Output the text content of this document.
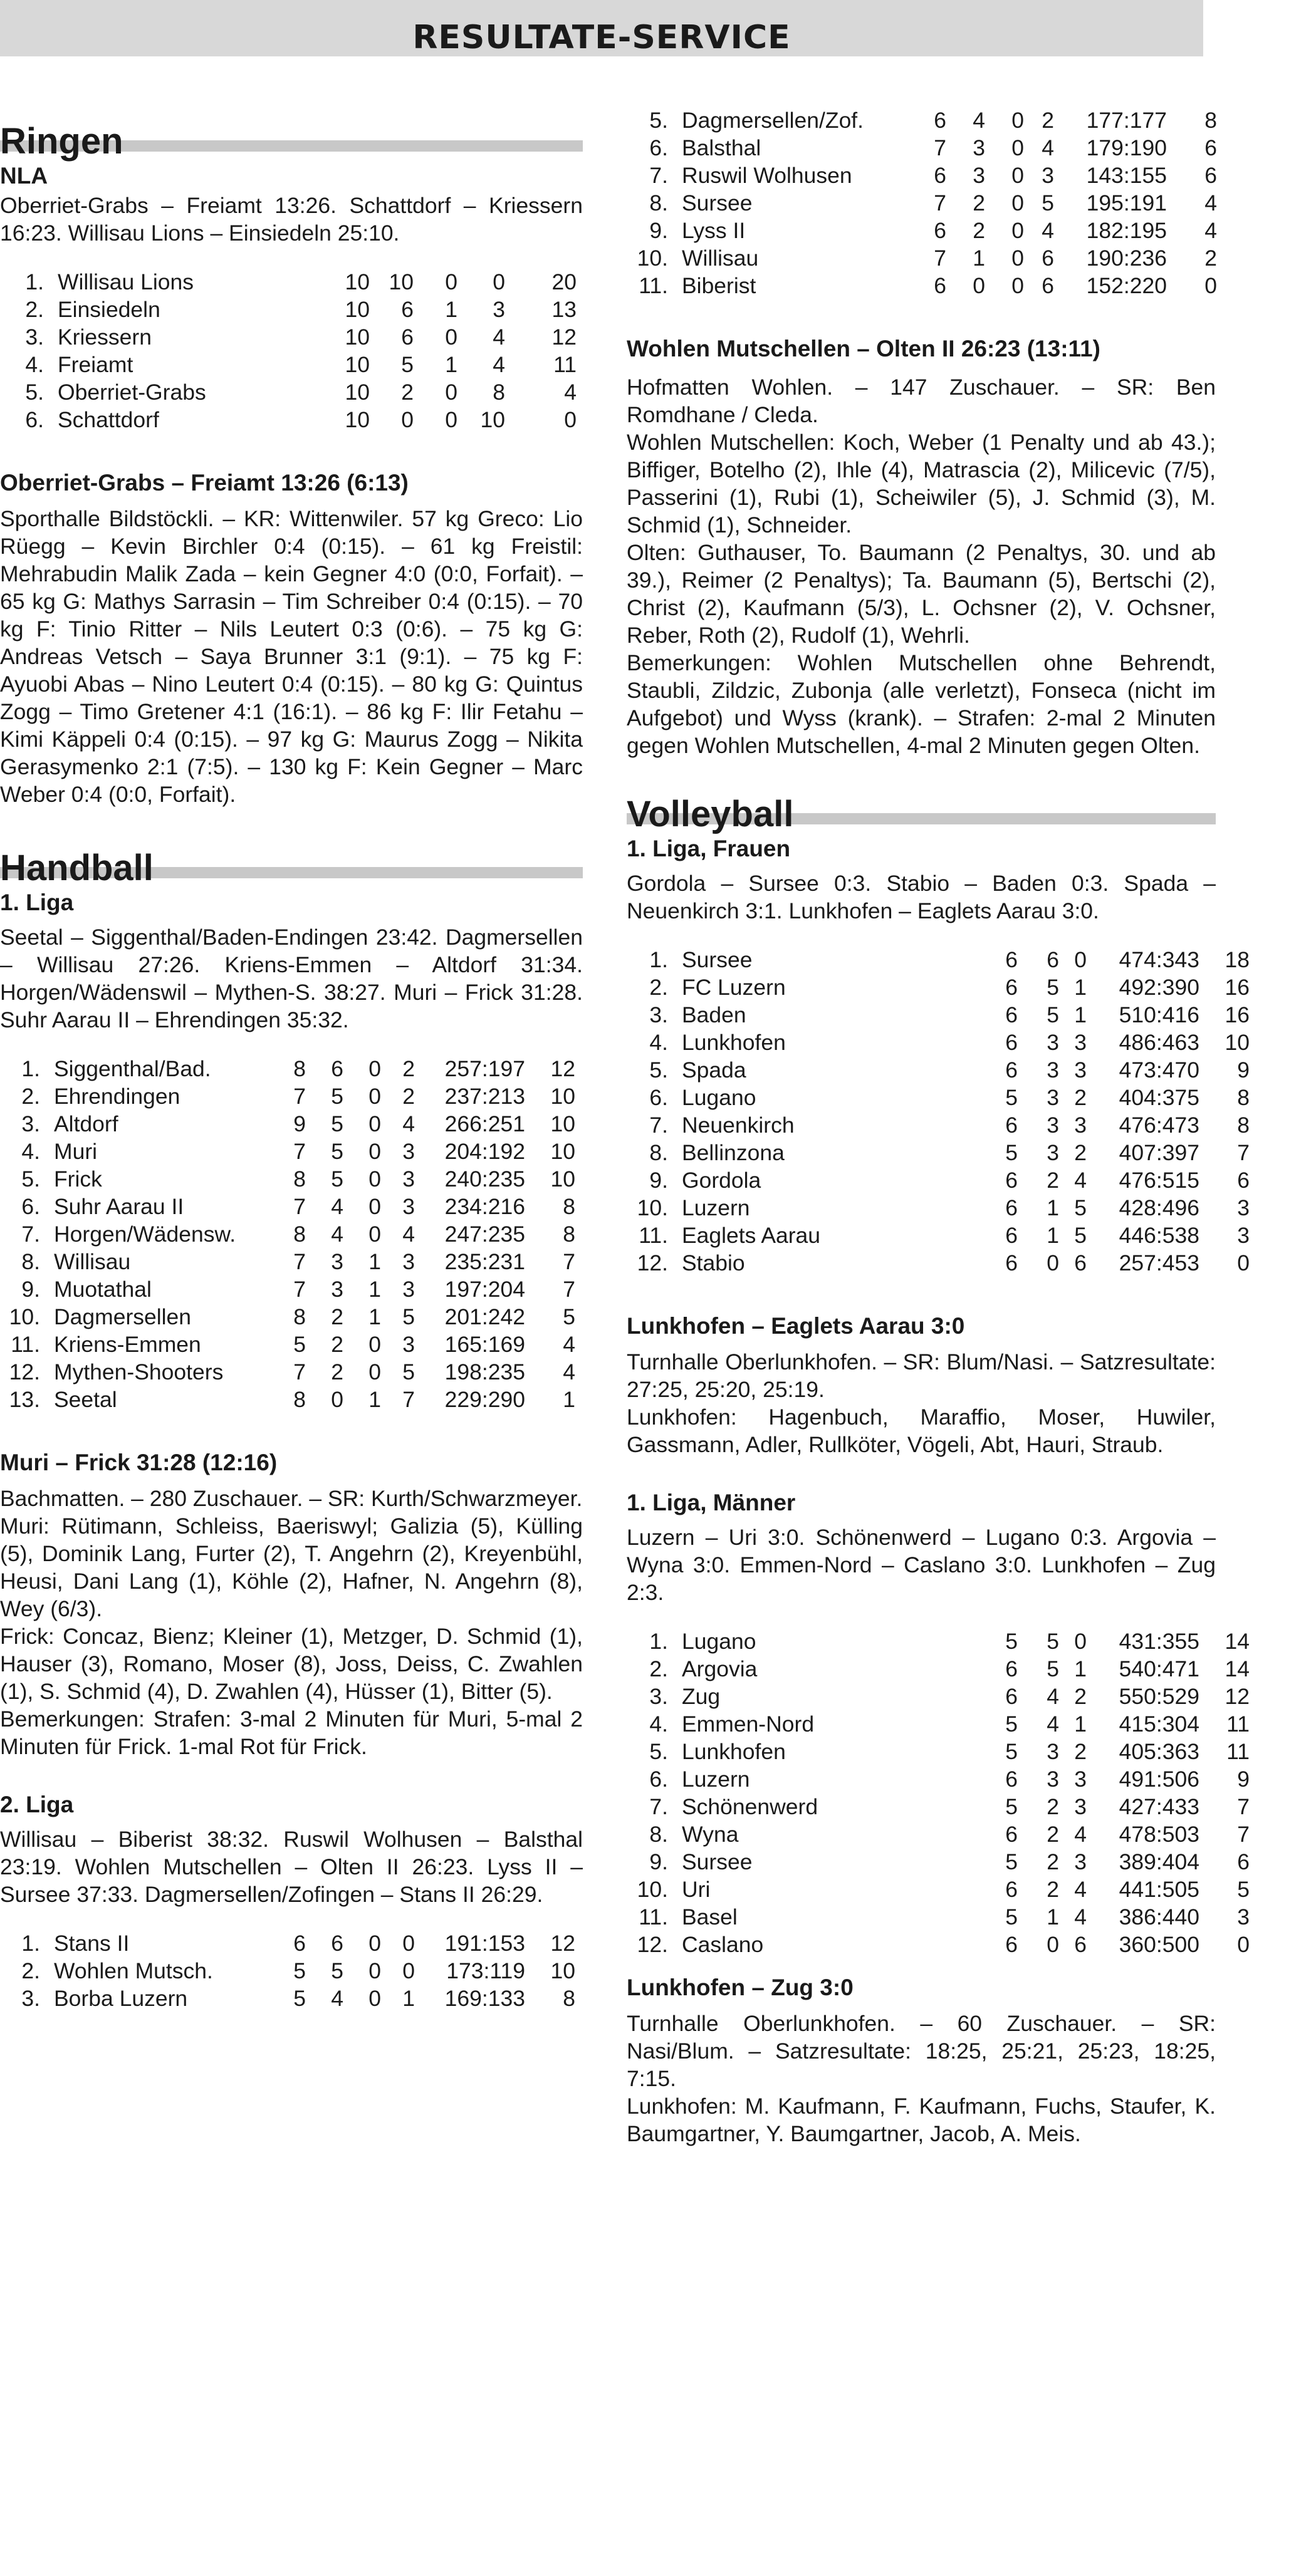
RESULTATE-SERVICE
Ringen

NLA

Oberriet-Grabs – Freiamt 13:26. Schattdorf – Kriessern 16:23. Willisau Lions – Einsiedeln 25:10.

1.	Willisau Lions	10	10	0	0	20
2.	Einsiedeln	10	6	1	3	13
3.	Kriessern	10	6	0	4	12
4.	Freiamt	10	5	1	4	11
5.	Oberriet-Grabs	10	2	0	8	4
6.	Schattdorf	10	0	0	10	0

Oberriet-Grabs – Freiamt 13:26 (6:13)

Sporthalle Bildstöckli. – KR: Wittenwiler. 57 kg Greco: Lio Rüegg – Kevin Birchler 0:4 (0:15). – 61 kg Freistil: Mehrabudin Malik Zada – kein Gegner 4:0 (0:0, Forfait). – 65 kg G: Mathys Sarrasin – Tim Schreiber 0:4 (0:15). – 70 kg F: Tinio Ritter – Nils Leutert 0:3 (0:6). – 75 kg G: Andreas Vetsch – Saya Brunner 3:1 (9:1). – 75 kg F: Ayuobi Abas – Nino Leutert 0:4 (0:15). – 80 kg G: Quintus Zogg – Timo Gretener 4:1 (16:1). – 86 kg F: Ilir Fetahu – Kimi Käppeli 0:4 (0:15). – 97 kg G: Maurus Zogg – Nikita Gerasymenko 2:1 (7:5). – 130 kg F: Kein Gegner – Marc Weber 0:4 (0:0, Forfait).

Handball

1. Liga

Seetal – Siggenthal/Baden-Endingen 23:42. Dagmersellen – Willisau 27:26. Kriens-Emmen – Altdorf 31:34. Horgen/Wädenswil – Mythen-S. 38:27. Muri – Frick 31:28. Suhr Aarau II – Ehrendingen 35:32.

1.	Siggenthal/Bad.	8	6	0	2	257:197	12
2.	Ehrendingen	7	5	0	2	237:213	10
3.	Altdorf	9	5	0	4	266:251	10
4.	Muri	7	5	0	3	204:192	10
5.	Frick	8	5	0	3	240:235	10
6.	Suhr Aarau II	7	4	0	3	234:216	8
7.	Horgen/Wädensw.	8	4	0	4	247:235	8
8.	Willisau	7	3	1	3	235:231	7
9.	Muotathal	7	3	1	3	197:204	7
10.	Dagmersellen	8	2	1	5	201:242	5
11.	Kriens-Emmen	5	2	0	3	165:169	4
12.	Mythen-Shooters	7	2	0	5	198:235	4
13.	Seetal	8	0	1	7	229:290	1

Muri – Frick 31:28 (12:16)

Bachmatten. – 280 Zuschauer. – SR: Kurth/Schwarzmeyer.

Muri: Rütimann, Schleiss, Baeriswyl; Galizia (5), Külling (5), Dominik Lang, Furter (2), T. Angehrn (2), Kreyenbühl, Heusi, Dani Lang (1), Köhle (2), Hafner, N. Angehrn (8), Wey (6/3).

Frick: Concaz, Bienz; Kleiner (1), Metzger, D. Schmid (1), Hauser (3), Romano, Moser (8), Joss, Deiss, C. Zwahlen (1), S. Schmid (4), D. Zwahlen (4), Hüsser (1), Bitter (5).

Bemerkungen: Strafen: 3-mal 2 Minuten für Muri, 5-mal 2 Minuten für Frick. 1-mal Rot für Frick.

2. Liga

Willisau – Biberist 38:32. Ruswil Wolhusen – Balsthal 23:19. Wohlen Mutschellen – Olten II 26:23. Lyss II – Sursee 37:33. Dagmersellen/Zofingen – Stans II 26:29.

1.	Stans II	6	6	0	0	191:153	12
2.	Wohlen Mutsch.	5	5	0	0	173:119	10
3.	Borba Luzern	5	4	0	1	169:133	8
5.	Dagmersellen/Zof.	6	4	0	2	177:177	8
6.	Balsthal	7	3	0	4	179:190	6
7.	Ruswil Wolhusen	6	3	0	3	143:155	6
8.	Sursee	7	2	0	5	195:191	4
9.	Lyss II	6	2	0	4	182:195	4
10.	Willisau	7	1	0	6	190:236	2
11.	Biberist	6	0	0	6	152:220	0

Wohlen Mutschellen – Olten II 26:23 (13:11)

Hofmatten Wohlen. – 147 Zuschauer. – SR: Ben Romdhane / Cleda.

Wohlen Mutschellen: Koch, Weber (1 Penalty und ab 43.); Biffiger, Botelho (2), Ihle (4), Matrascia (2), Milicevic (7/5), Passerini (1), Rubi (1), Scheiwiler (5), J. Schmid (3), M. Schmid (1), Schneider.

Olten: Guthauser, To. Baumann (2 Penaltys, 30. und ab 39.), Reimer (2 Penaltys); Ta. Baumann (5), Bertschi (2), Christ (2), Kaufmann (5/3), L. Ochsner (2), V. Ochsner, Reber, Roth (2), Rudolf (1), Wehrli.

Bemerkungen: Wohlen Mutschellen ohne Behrendt, Staubli, Zildzic, Zubonja (alle verletzt), Fonseca (nicht im Aufgebot) und Wyss (krank). – Strafen: 2-mal 2 Minuten gegen Wohlen Mutschellen, 4-mal 2 Minuten gegen Olten.

Volleyball

1. Liga, Frauen

Gordola – Sursee 0:3. Stabio – Baden 0:3. Spada – Neuenkirch 3:1. Lunkhofen – Eaglets Aarau 3:0.

1.	Sursee	6	6	0	474:343	18
2.	FC Luzern	6	5	1	492:390	16
3.	Baden	6	5	1	510:416	16
4.	Lunkhofen	6	3	3	486:463	10
5.	Spada	6	3	3	473:470	9
6.	Lugano	5	3	2	404:375	8
7.	Neuenkirch	6	3	3	476:473	8
8.	Bellinzona	5	3	2	407:397	7
9.	Gordola	6	2	4	476:515	6
10.	Luzern	6	1	5	428:496	3
11.	Eaglets Aarau	6	1	5	446:538	3
12.	Stabio	6	0	6	257:453	0

Lunkhofen – Eaglets Aarau 3:0

Turnhalle Oberlunkhofen. – SR: Blum/Nasi. – Satzresultate: 27:25, 25:20, 25:19.

Lunkhofen: Hagenbuch, Maraffio, Moser, Huwiler, Gassmann, Adler, Rullköter, Vögeli, Abt, Hauri, Straub.

1. Liga, Männer

Luzern – Uri 3:0. Schönenwerd – Lugano 0:3. Argovia – Wyna 3:0. Emmen-Nord – Caslano 3:0. Lunkhofen – Zug 2:3.

1.	Lugano	5	5	0	431:355	14
2.	Argovia	6	5	1	540:471	14
3.	Zug	6	4	2	550:529	12
4.	Emmen-Nord	5	4	1	415:304	11
5.	Lunkhofen	5	3	2	405:363	11
6.	Luzern	6	3	3	491:506	9
7.	Schönenwerd	5	2	3	427:433	7
8.	Wyna	6	2	4	478:503	7
9.	Sursee	5	2	3	389:404	6
10.	Uri	6	2	4	441:505	5
11.	Basel	5	1	4	386:440	3
12.	Caslano	6	0	6	360:500	0

Lunkhofen – Zug 3:0

Turnhalle Oberlunkhofen. – 60 Zuschauer. – SR: Nasi/Blum. – Satzresultate: 18:25, 25:21, 25:23, 18:25, 7:15.

Lunkhofen: M. Kaufmann, F. Kaufmann, Fuchs, Staufer, K. Baumgartner, Y. Baumgartner, Jacob, A. Meis.
